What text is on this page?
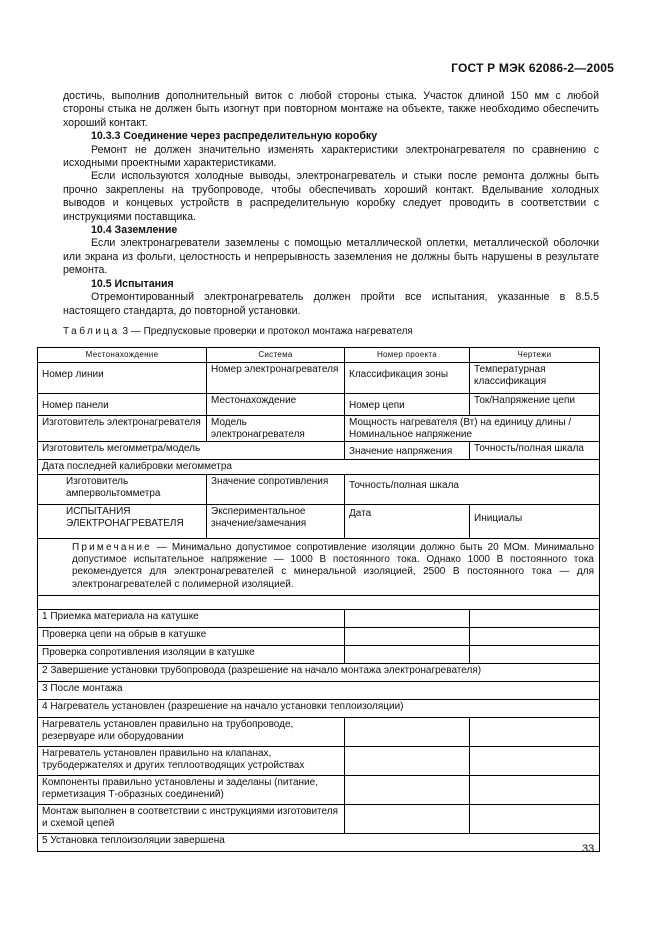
ГОСТ Р МЭК 62086-2—2005

достичь, выполнив дополнительный виток с любой стороны стыка. Участок длиной 150 мм с любой стороны стыка не должен быть изогнут при повторном монтаже на объекте, также необходимо обеспечить хороший контакт.

10.3.3 Соединение через распределительную коробку

Ремонт не должен значительно изменять характеристики электронагревателя по сравнению с исходными проектными характеристиками.

Если используются холодные выводы, электронагреватель и стыки после ремонта должны быть прочно закреплены на трубопроводе, чтобы обеспечивать хороший контакт. Вделывание холодных выводов и концевых устройств в распределительную коробку следует проводить в соответствии с инструкциями поставщика.

10.4 Заземление

Если электронагреватели заземлены с помощью металлической оплетки, металлической оболочки или экрана из фольги, целостность и непрерывность заземления не должны быть нарушены в результате ремонта.

10.5 Испытания

Отремонтированный электронагреватель должен пройти все испытания, указанные в 8.5.5 настоящего стандарта, до повторной установки.

Таблица 3 — Предпусковые проверки и протокол монтажа нагревателя
Местонахождение	Система	Номер проекта	Чертежи
Номер линии	Номер электронагревателя	Классификация зоны	Температурная классификация
Номер панели	Местонахождение	Номер цепи	Ток/Напряжение цепи
Изготовитель электронагревателя	Модель электронагревателя	Мощность нагревателя (Вт) на единицу длины / Номинальное напряжение	
Изготовитель мегомметра/модель		Значение напряжения	Точность/полная шкала
Дата последней калибровки мегомметра			
Изготовитель ампервольтомметра	Значение сопротивления	Точность/полная шкала	
ИСПЫТАНИЯ ЭЛЕКТРОНАГРЕВАТЕЛЯ	Экспериментальное значение/замечания	Дата	Инициалы
Примечание — Минимально допустимое сопротивление изоляции должно быть 20 МОм. Минимально допустимое испытательное напряжение — 1000 В постоянного тока. Однако 1000 В постоянного тока рекомендуется для электронагревателей с минеральной изоляцией, 2500 В постоянного тока — для электронагревателей с полимерной изоляцией.			

1 Приемка материала на катушке			
Проверка цепи на обрыв в катушке			
Проверка сопротивления изоляции в катушке			
2 Завершение установки трубопровода (разрешение на начало монтажа электронагревателя)			
3 После монтажа			
4 Нагреватель установлен (разрешение на начало установки теплоизоляции)			
Нагреватель установлен правильно на трубопроводе, резервуаре или оборудовании			
Нагреватель установлен правильно на клапанах, трубодержателях и других теплоотводящих устройствах			
Компоненты правильно установлены и заделаны (питание, герметизация Т-образных соединений)			
Монтаж выполнен в соответствии с инструкциями изготовителя и схемой цепей			
5 Установка теплоизоляции завершена			
33
